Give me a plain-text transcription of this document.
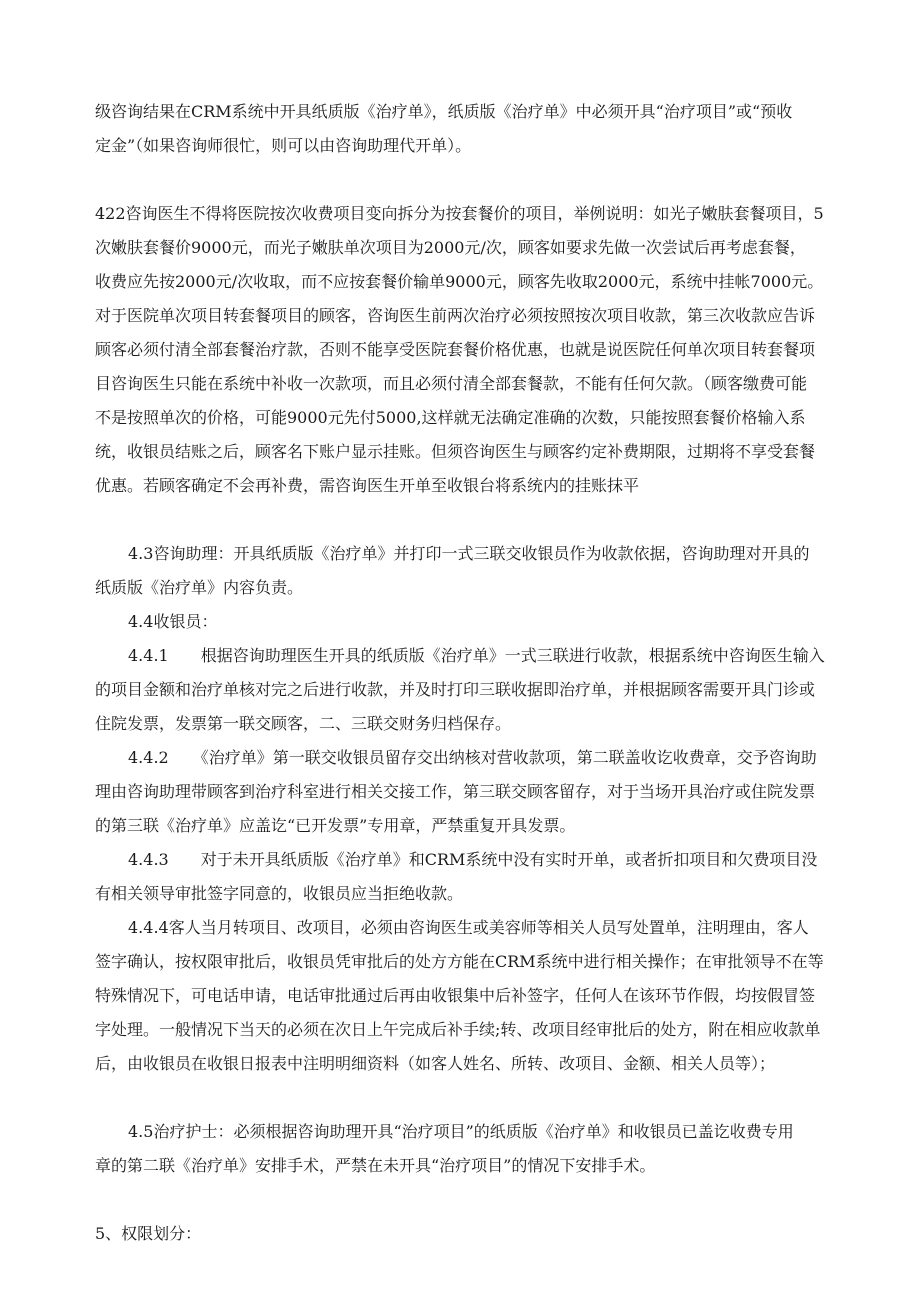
级咨询结果在CRM系统中开具纸质版《治疗单》，纸质版《治疗单》中必须开具“治疗项目”或“预收
定金”（如果咨询师很忙，则可以由咨询助理代开单）。
422咨询医生不得将医院按次收费项目变向拆分为按套餐价的项目，举例说明：如光子嫩肤套餐项目，5
次嫩肤套餐价9000元，而光子嫩肤单次项目为2000元/次，顾客如要求先做一次尝试后再考虑套餐，
收费应先按2000元/次收取，而不应按套餐价输单9000元，顾客先收取2000元，系统中挂帐7000元。
对于医院单次项目转套餐项目的顾客，咨询医生前两次治疗必须按照按次项目收款，第三次收款应告诉
顾客必须付清全部套餐治疗款，否则不能享受医院套餐价格优惠，也就是说医院任何单次项目转套餐项
目咨询医生只能在系统中补收一次款项，而且必须付清全部套餐款，不能有任何欠款。（顾客缴费可能
不是按照单次的价格，可能9000元先付5000,这样就无法确定准确的次数，只能按照套餐价格输入系
统，收银员结账之后，顾客名下账户显示挂账。但须咨询医生与顾客约定补费期限，过期将不享受套餐
优惠。若顾客确定不会再补费，需咨询医生开单至收银台将系统内的挂账抹平
4.3咨询助理：开具纸质版《治疗单》并打印一式三联交收银员作为收款依据，咨询助理对开具的
纸质版《治疗单》内容负责。
4.4收银员：
4.4.1　　根据咨询助理医生开具的纸质版《治疗单》一式三联进行收款，根据系统中咨询医生输入
的项目金额和治疗单核对完之后进行收款，并及时打印三联收据即治疗单，并根据顾客需要开具门诊或
住院发票，发票第一联交顾客，二、三联交财务归档保存。
4.4.2　　《治疗单》第一联交收银员留存交出纳核对营收款项，第二联盖收讫收费章，交予咨询助
理由咨询助理带顾客到治疗科室进行相关交接工作，第三联交顾客留存，对于当场开具治疗或住院发票
的第三联《治疗单》应盖讫“已开发票”专用章，严禁重复开具发票。
4.4.3　　对于未开具纸质版《治疗单》和CRM系统中没有实时开单，或者折扣项目和欠费项目没
有相关领导审批签字同意的，收银员应当拒绝收款。
4.4.4客人当月转项目、改项目，必须由咨询医生或美容师等相关人员写处置单，注明理由，客人
签字确认，按权限审批后，收银员凭审批后的处方方能在CRM系统中进行相关操作；在审批领导不在等
特殊情况下，可电话申请，电话审批通过后再由收银集中后补签字，任何人在该环节作假，均按假冒签
字处理。一般情况下当天的必须在次日上午完成后补手续;转、改项目经审批后的处方，附在相应收款单
后，由收银员在收银日报表中注明明细资料（如客人姓名、所转、改项目、金额、相关人员等）；
4.5治疗护士：必须根据咨询助理开具“治疗项目”的纸质版《治疗单》和收银员已盖讫收费专用
章的第二联《治疗单》安排手术，严禁在未开具“治疗项目”的情况下安排手术。
5、权限划分：
